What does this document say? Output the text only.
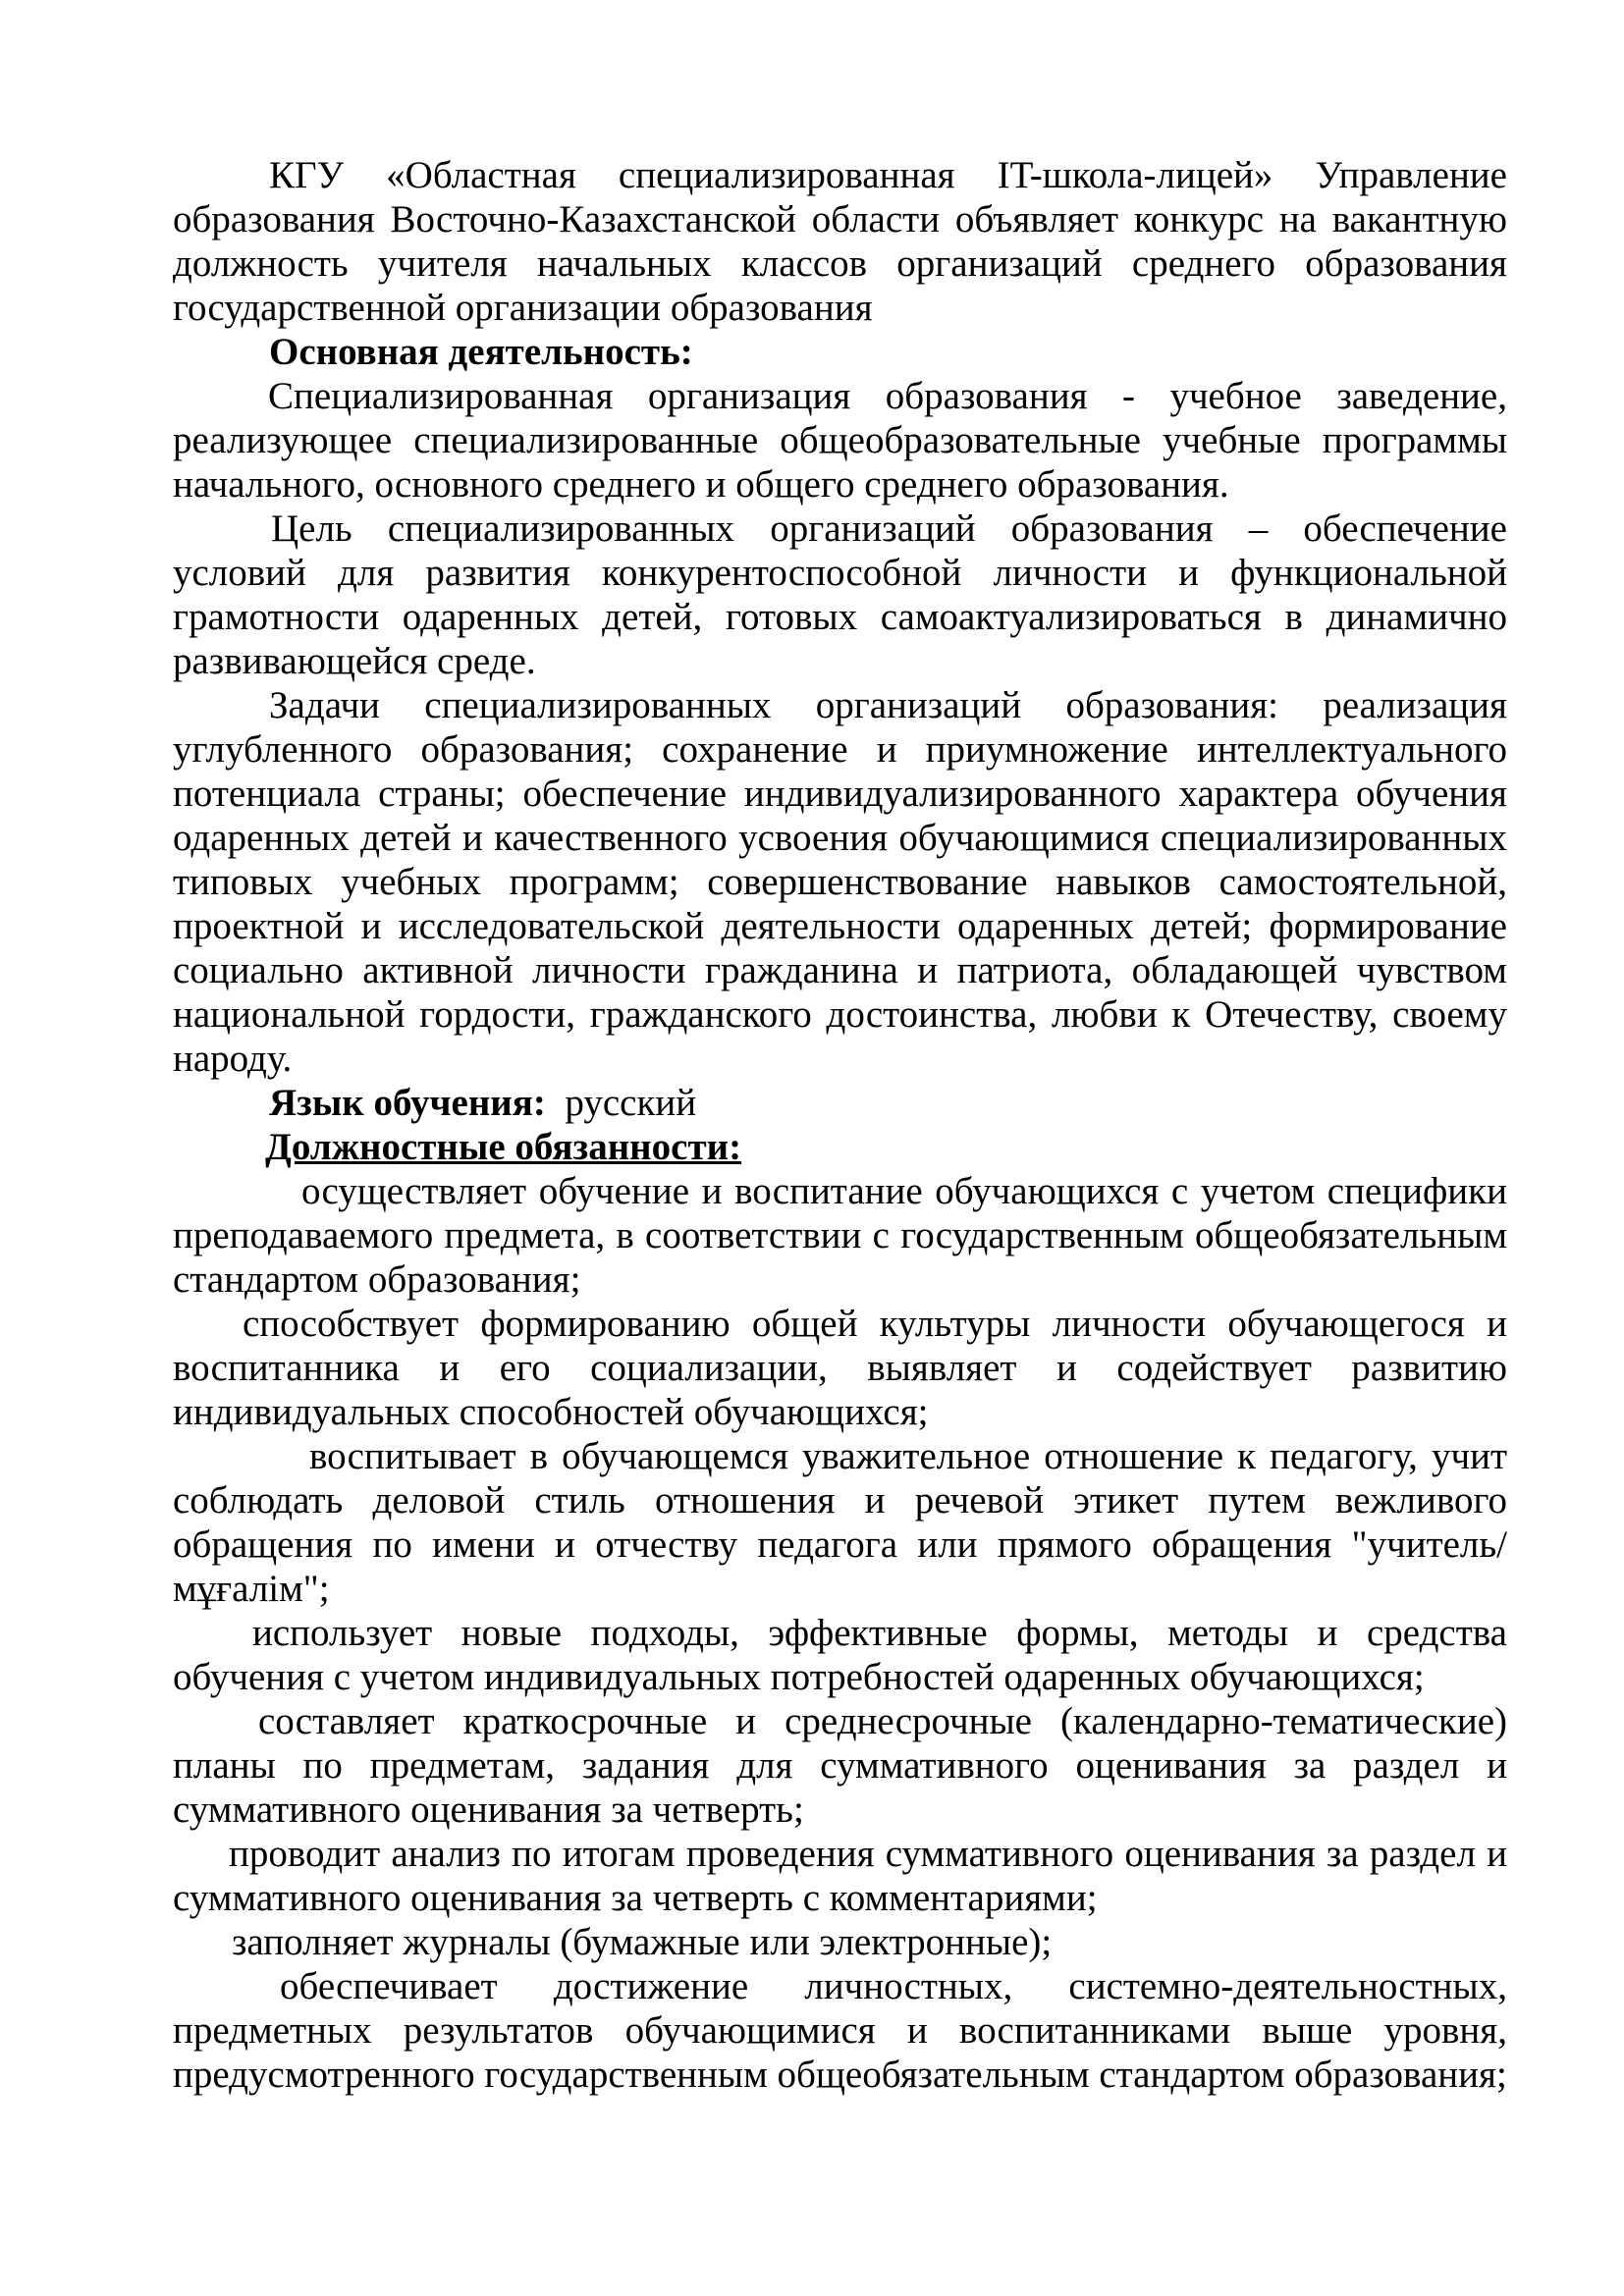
КГУ «Областная специализированная IT-школа-лицей» Управление образования Восточно-Казахстанской области объявляет конкурс на вакантную должность учителя начальных классов организаций среднего образования государственной организации образования

Основная деятельность:

Специализированная организация образования - учебное заведение, реализующее специализированные общеобразовательные учебные программы начального, основного среднего и общего среднего образования.

Цель специализированных организаций образования – обеспечение условий для развития конкурентоспособной личности и функциональной грамотности одаренных детей, готовых самоактуализироваться в динамично развивающейся среде.

Задачи специализированных организаций образования: реализация углубленного образования; сохранение и приумножение интеллектуального потенциала страны; обеспечение индивидуализированного характера обучения одаренных детей и качественного усвоения обучающимися специализированных типовых учебных программ; совершенствование навыков самостоятельной, проектной и исследовательской деятельности одаренных детей; формирование социально активной личности гражданина и патриота, обладающей чувством национальной гордости, гражданского достоинства, любви к Отечеству, своему народу.

Язык обучения:  русский

Должностные обязанности:

осуществляет обучение и воспитание обучающихся с учетом специфики преподаваемого предмета, в соответствии с государственным общеобязательным стандартом образования;

способствует формированию общей культуры личности обучающегося и воспитанника и его социализации, выявляет и содействует развитию индивидуальных способностей обучающихся;

воспитывает в обучающемся уважительное отношение к педагогу, учит соблюдать деловой стиль отношения и речевой этикет путем вежливого обращения по имени и отчеству педагога или прямого обращения "учитель/мұғалім";

использует новые подходы, эффективные формы, методы и средства обучения с учетом индивидуальных потребностей одаренных обучающихся;

составляет краткосрочные и среднесрочные (календарно-тематические) планы по предметам, задания для суммативного оценивания за раздел и суммативного оценивания за четверть;

проводит анализ по итогам проведения суммативного оценивания за раздел и суммативного оценивания за четверть с комментариями;

заполняет журналы (бумажные или электронные);

обеспечивает достижение личностных, системно-деятельностных, предметных результатов обучающимися и воспитанниками выше уровня, предусмотренного государственным общеобязательным стандартом образования;
